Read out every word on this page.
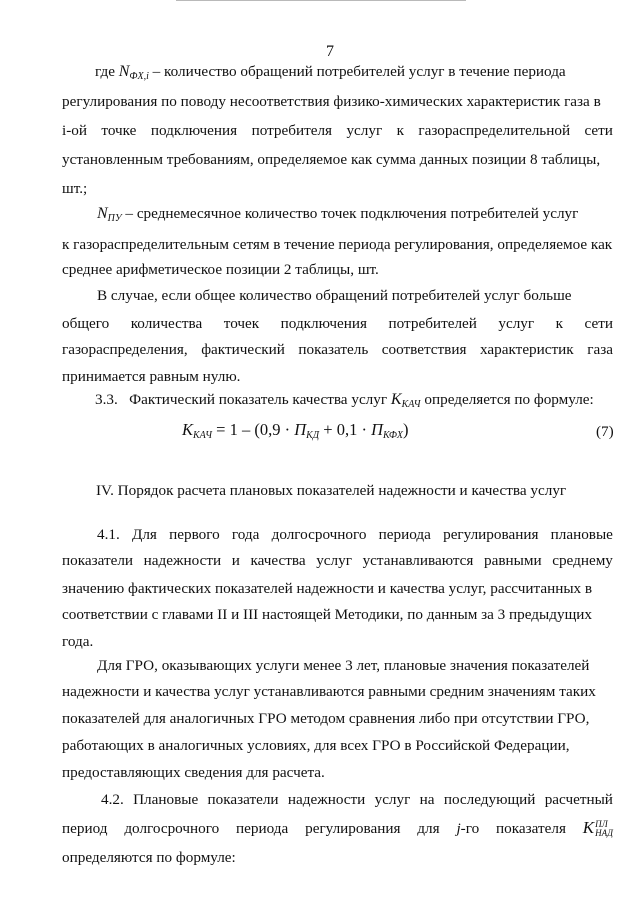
7
где $N_{ФХ,i}$ – количество обращений потребителей услуг в течение периода
регулирования по поводу несоответствия физико-химических характеристик газа в
i-ой точке подключения потребителя услуг к газораспределительной сети
установленным требованиям, определяемое как сумма данных позиции 8 таблицы,
шт.;
$N_{ПУ}$ – среднемесячное количество точек подключения потребителей услуг
к газораспределительным сетям в течение периода регулирования, определяемое как
среднее арифметическое позиции 2 таблицы, шт.
В случае, если общее количество обращений потребителей услуг больше
общего количества точек подключения потребителей услуг к сети
газораспределения, фактический показатель соответствия характеристик газа
принимается равным нулю.
3.3. Фактический показатель качества услуг $K_{КАЧ}$ определяется по формуле:
$K_{КАЧ} = 1 - (0,9 \cdot П_{КД} + 0,1 \cdot П_{КФХ})$	(7)
IV. Порядок расчета плановых показателей надежности и качества услуг
4.1. Для первого года долгосрочного периода регулирования плановые
показатели надежности и качества услуг устанавливаются равными среднему
значению фактических показателей надежности и качества услуг, рассчитанных в
соответствии с главами II и III настоящей Методики, по данным за 3 предыдущих
года.
Для ГРО, оказывающих услуги менее 3 лет, плановые значения показателей
надежности и качества услуг устанавливаются равными средним значениям таких
показателей для аналогичных ГРО методом сравнения либо при отсутствии ГРО,
работающих в аналогичных условиях, для всех ГРО в Российской Федерации,
предоставляющих сведения для расчета.
4.2. Плановые показатели надежности услуг на последующий расчетный
период долгосрочного периода регулирования для j-го показателя K ПЛ
НАД
определяются по формуле:
